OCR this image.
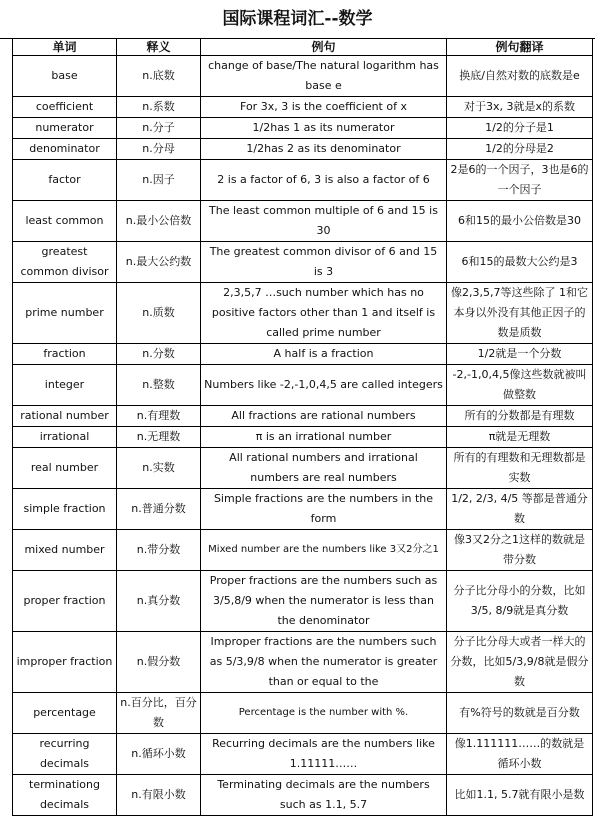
国际课程词汇--数学
单词	释义	例句	例句翻译
base	n.底数	change of base/The natural logarithm has base e	换底/自然对数的底数是e
coefficient	n.系数	For 3x, 3 is the coefficient of x	对于3x, 3就是x的系数
numerator	n.分子	1/2has 1 as its numerator	1/2的分子是1
denominator	n.分母	1/2has 2 as its denominator	1/2的分母是2
factor	n.因子	2 is a factor of 6, 3 is also a factor of 6	2是6的一个因子，3也是6的一个因子
least common	n.最小公倍数	The least common multiple of 6 and 15 is 30	6和15的最小公倍数是30
greatest common divisor	n.最大公约数	The greatest common divisor of 6 and 15 is 3	6和15的最数大公约是3
prime number	n.质数	2,3,5,7 …such number which has no positive factors other than 1 and itself is called prime number	像2,3,5,7等这些除了 1和它本身以外没有其他正因子的数是质数
fraction	n.分数	A half is a fraction	1/2就是一个分数
integer	n.整数	Numbers like -2,-1,0,4,5 are called integers	-2,-1,0,4,5像这些数就被叫做整数
rational number	n.有理数	All fractions are rational numbers	所有的分数都是有理数
irrational	n.无理数	π is an irrational number	π就是无理数
real number	n.实数	All rational numbers and irrational numbers are real numbers	所有的有理数和无理数都是实数
simple fraction	n.普通分数	Simple fractions are the numbers in the form	1/2, 2/3, 4/5 等都是普通分数
mixed number	n.带分数	Mixed number are the numbers like 3又2分之1	像3又2分之1这样的数就是带分数
proper fraction	n.真分数	Proper fractions are the numbers such as 3/5,8/9 when the numerator is less than the denominator	分子比分母小的分数，比如3/5, 8/9就是真分数
improper fraction	n.假分数	Improper fractions are the numbers such as 5/3,9/8 when the numerator is greater than or equal to the	分子比分母大或者一样大的分数，比如5/3,9/8就是假分数
percentage	n.百分比，百分数	Percentage is the number with %.	有%符号的数就是百分数
recurring decimals	n.循环小数	Recurring decimals are the numbers like 1.11111……	像1.111111……的数就是循环小数
terminationg decimals	n.有限小数	Terminating decimals are the numbers such as 1.1, 5.7	比如1.1, 5.7就有限小是数
